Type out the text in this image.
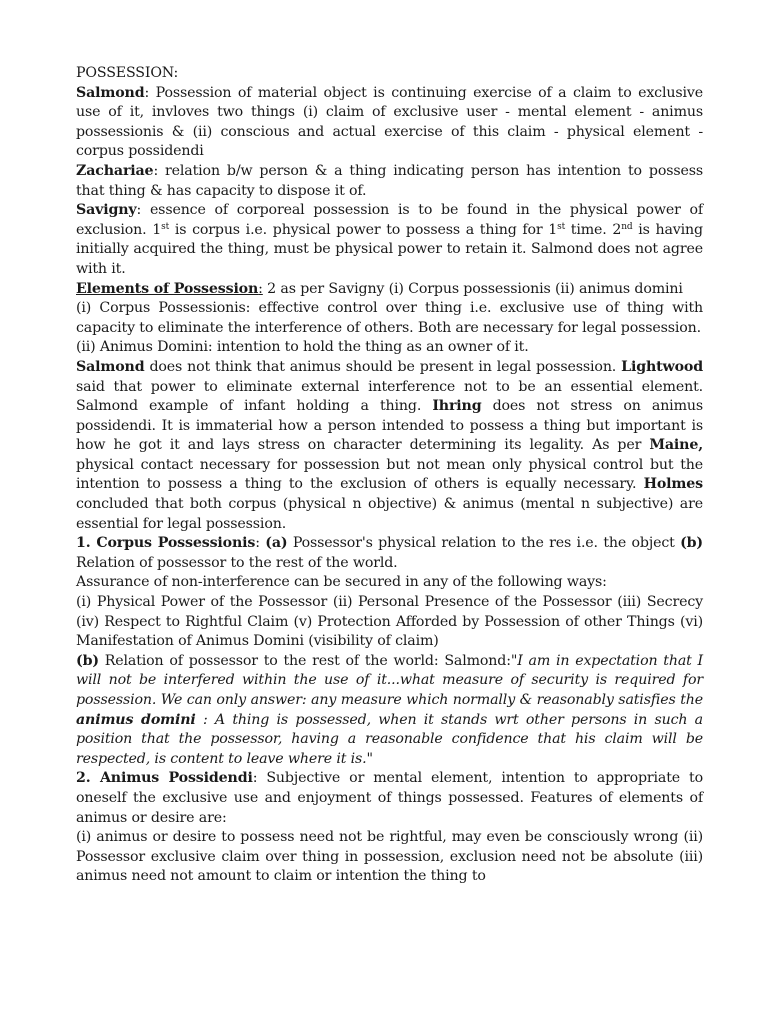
POSSESSION:

Salmond: Possession of material object is continuing exercise of a claim to exclusive use of it, invloves two things (i) claim of exclusive user - mental element - animus possessionis & (ii) conscious and actual exercise of this claim - physical element - corpus possidendi

Zachariae: relation b/w person & a thing indicating person has intention to possess that thing & has capacity to dispose it of.

Savigny: essence of corporeal possession is to be found in the physical power of exclusion. 1st is corpus i.e. physical power to possess a thing for 1st time. 2nd is having initially acquired the thing, must be physical power to retain it. Salmond does not agree with it.

Elements of Possession: 2 as per Savigny (i) Corpus possessionis (ii) animus domini

(i) Corpus Possessionis: effective control over thing i.e. exclusive use of thing with capacity to eliminate the interference of others. Both are necessary for legal possession.

(ii) Animus Domini: intention to hold the thing as an owner of it.

Salmond does not think that animus should be present in legal possession. Lightwood said that power to eliminate external interference not to be an essential element. Salmond example of infant holding a thing. Ihring does not stress on animus possidendi. It is immaterial how a person intended to possess a thing but important is how he got it and lays stress on character determining its legality. As per Maine, physical contact necessary for possession but not mean only physical control but the intention to possess a thing to the exclusion of others is equally necessary. Holmes concluded that both corpus (physical n objective) & animus (mental n subjective) are essential for legal possession.

1. Corpus Possessionis: (a) Possessor's physical relation to the res i.e. the object (b) Relation of possessor to the rest of the world.

Assurance of non-interference can be secured in any of the following ways:

(i) Physical Power of the Possessor (ii) Personal Presence of the Possessor (iii) Secrecy (iv) Respect to Rightful Claim (v) Protection Afforded by Possession of other Things (vi) Manifestation of Animus Domini (visibility of claim)

(b) Relation of possessor to the rest of the world: Salmond:"I am in expectation that I will not be interfered within the use of it...what measure of security is required for possession. We can only answer: any measure which normally & reasonably satisfies the animus domini : A thing is possessed, when it stands wrt other persons in such a position that the possessor, having a reasonable confidence that his claim will be respected, is content to leave where it is."

2. Animus Possidendi: Subjective or mental element, intention to appropriate to oneself the exclusive use and enjoyment of things possessed. Features of elements of animus or desire are:

(i) animus or desire to possess need not be rightful, may even be consciously wrong (ii) Possessor exclusive claim over thing in possession, exclusion need not be absolute (iii) animus need not amount to claim or intention the thing to
